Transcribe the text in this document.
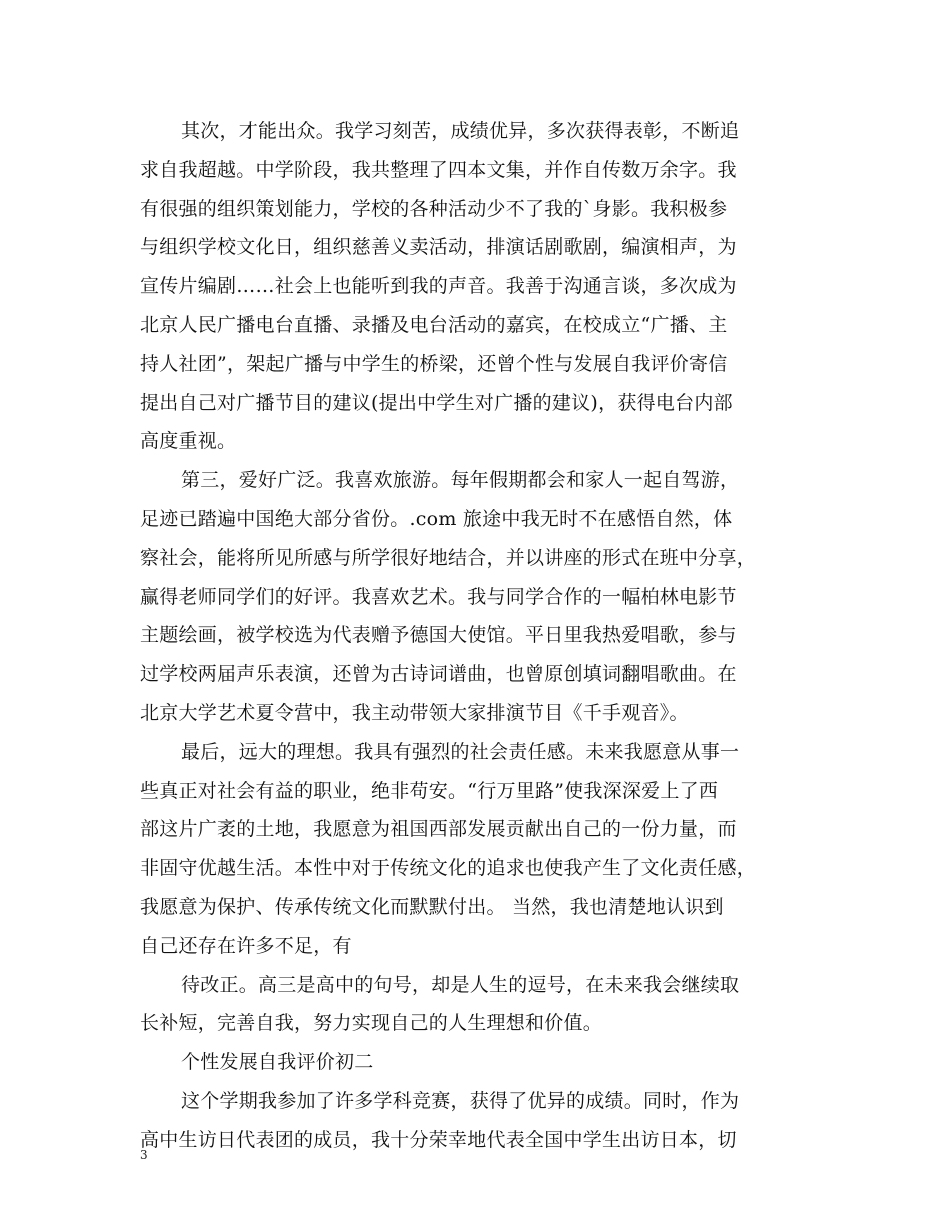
其次，才能出众。我学习刻苦，成绩优异，多次获得表彰，不断追
求自我超越。中学阶段，我共整理了四本文集，并作自传数万余字。我
有很强的组织策划能力，学校的各种活动少不了我的`身影。我积极参
与组织学校文化日，组织慈善义卖活动，排演话剧歌剧，编演相声，为
宣传片编剧……社会上也能听到我的声音。我善于沟通言谈，多次成为
北京人民广播电台直播、录播及电台活动的嘉宾，在校成立“广播、主
持人社团”，架起广播与中学生的桥梁，还曾个性与发展自我评价寄信
提出自己对广播节目的建议(提出中学生对广播的建议)，获得电台内部
高度重视。
第三，爱好广泛。我喜欢旅游。每年假期都会和家人一起自驾游，
足迹已踏遍中国绝大部分省份。.com 旅途中我无时不在感悟自然，体
察社会，能将所见所感与所学很好地结合，并以讲座的形式在班中分享，
赢得老师同学们的好评。我喜欢艺术。我与同学合作的一幅柏林电影节
主题绘画，被学校选为代表赠予德国大使馆。平日里我热爱唱歌，参与
过学校两届声乐表演，还曾为古诗词谱曲，也曾原创填词翻唱歌曲。在
北京大学艺术夏令营中，我主动带领大家排演节目《千手观音》。
最后，远大的理想。我具有强烈的社会责任感。未来我愿意从事一
些真正对社会有益的职业，绝非苟安。“行万里路”使我深深爱上了西
部这片广袤的土地，我愿意为祖国西部发展贡献出自己的一份力量，而
非固守优越生活。本性中对于传统文化的追求也使我产生了文化责任感，
我愿意为保护、传承传统文化而默默付出。 当然，我也清楚地认识到
自己还存在许多不足，有
待改正。高三是高中的句号，却是人生的逗号，在未来我会继续取
长补短，完善自我，努力实现自己的人生理想和价值。
个性发展自我评价初二
这个学期我参加了许多学科竞赛，获得了优异的成绩。同时，作为
高中生访日代表团的成员，我十分荣幸地代表全国中学生出访日本，切
3
